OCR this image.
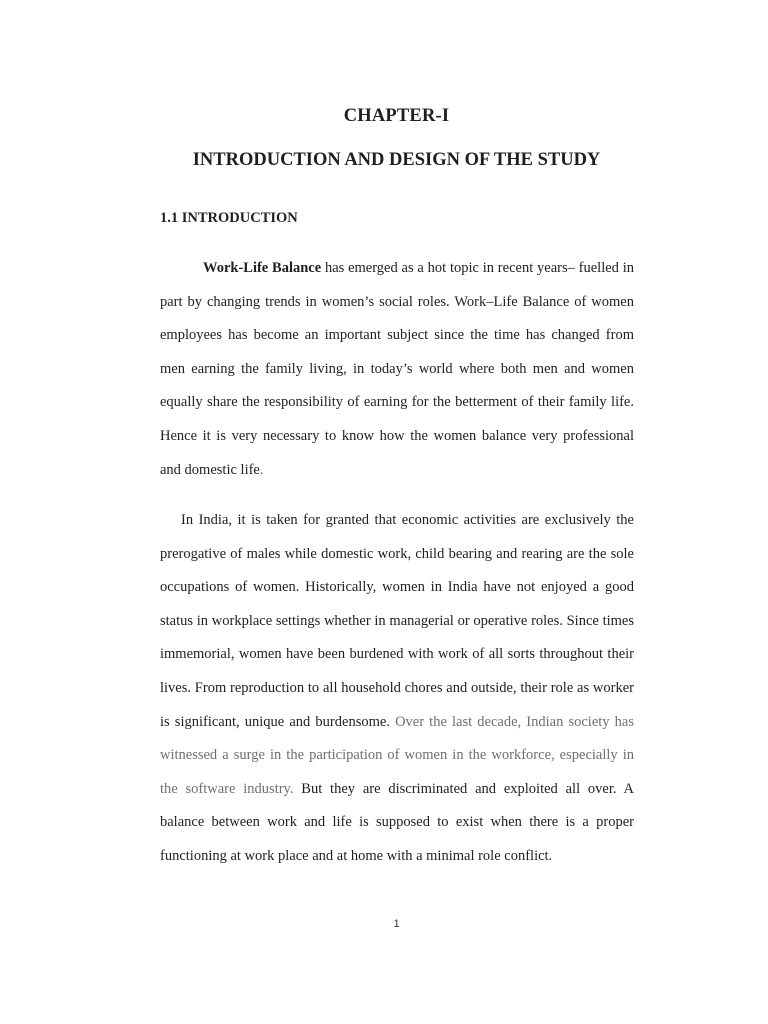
CHAPTER-I
INTRODUCTION AND DESIGN OF THE STUDY
1.1 INTRODUCTION

Work-Life Balance has emerged as a hot topic in recent years– fuelled in part by changing trends in women’s social roles. Work–Life Balance of women employees has become an important subject since the time has changed from men earning the family living, in today’s world where both men and women equally share the responsibility of earning for the betterment of their family life. Hence it is very necessary to know how the women balance very professional and domestic life.

In India, it is taken for granted that economic activities are exclusively the prerogative of males while domestic work, child bearing and rearing are the sole occupations of women. Historically, women in India have not enjoyed a good status in workplace settings whether in managerial or operative roles. Since times immemorial, women have been burdened with work of all sorts throughout their lives. From reproduction to all household chores and outside, their role as worker is significant, unique and burdensome. Over the last decade, Indian society has witnessed a surge in the participation of women in the workforce, especially in the software industry. But they are discriminated and exploited all over. A balance between work and life is supposed to exist when there is a proper functioning at work place and at home with a minimal role conflict.

1
